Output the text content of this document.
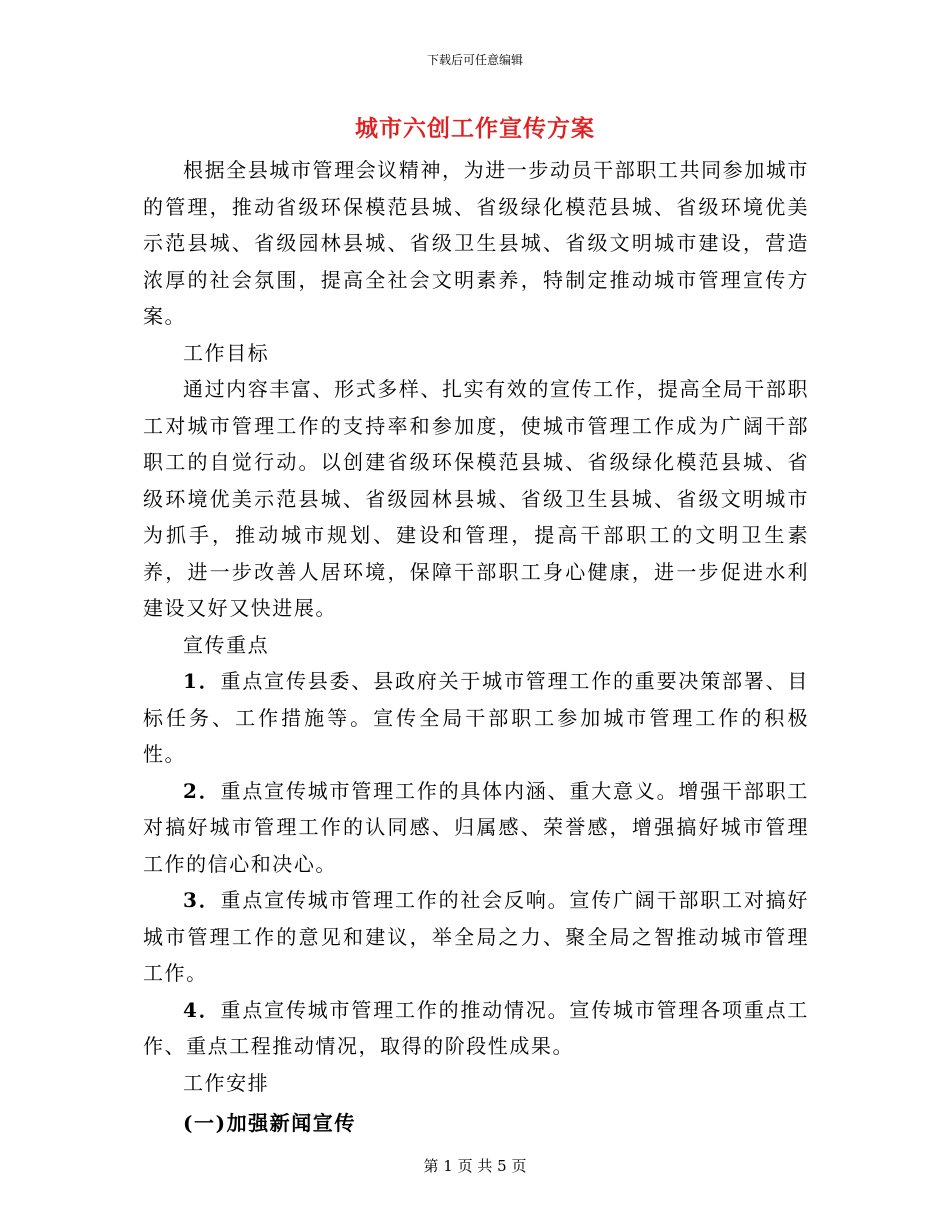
下载后可任意编辑
城市六创工作宣传方案

根据全县城市管理会议精神，为进一步动员干部职工共同参加城市的管理，推动省级环保模范县城、省级绿化模范县城、省级环境优美示范县城、省级园林县城、省级卫生县城、省级文明城市建设，营造浓厚的社会氛围，提高全社会文明素养，特制定推动城市管理宣传方案。

工作目标

通过内容丰富、形式多样、扎实有效的宣传工作，提高全局干部职工对城市管理工作的支持率和参加度，使城市管理工作成为广阔干部职工的自觉行动。以创建省级环保模范县城、省级绿化模范县城、省级环境优美示范县城、省级园林县城、省级卫生县城、省级文明城市为抓手，推动城市规划、建设和管理，提高干部职工的文明卫生素养，进一步改善人居环境，保障干部职工身心健康，进一步促进水利建设又好又快进展。

宣传重点

1．重点宣传县委、县政府关于城市管理工作的重要决策部署、目标任务、工作措施等。宣传全局干部职工参加城市管理工作的积极性。

2．重点宣传城市管理工作的具体内涵、重大意义。增强干部职工对搞好城市管理工作的认同感、归属感、荣誉感，增强搞好城市管理工作的信心和决心。

3．重点宣传城市管理工作的社会反响。宣传广阔干部职工对搞好城市管理工作的意见和建议，举全局之力、聚全局之智推动城市管理工作。

4．重点宣传城市管理工作的推动情况。宣传城市管理各项重点工作、重点工程推动情况，取得的阶段性成果。

工作安排

(一)加强新闻宣传

第 1 页 共 5 页
